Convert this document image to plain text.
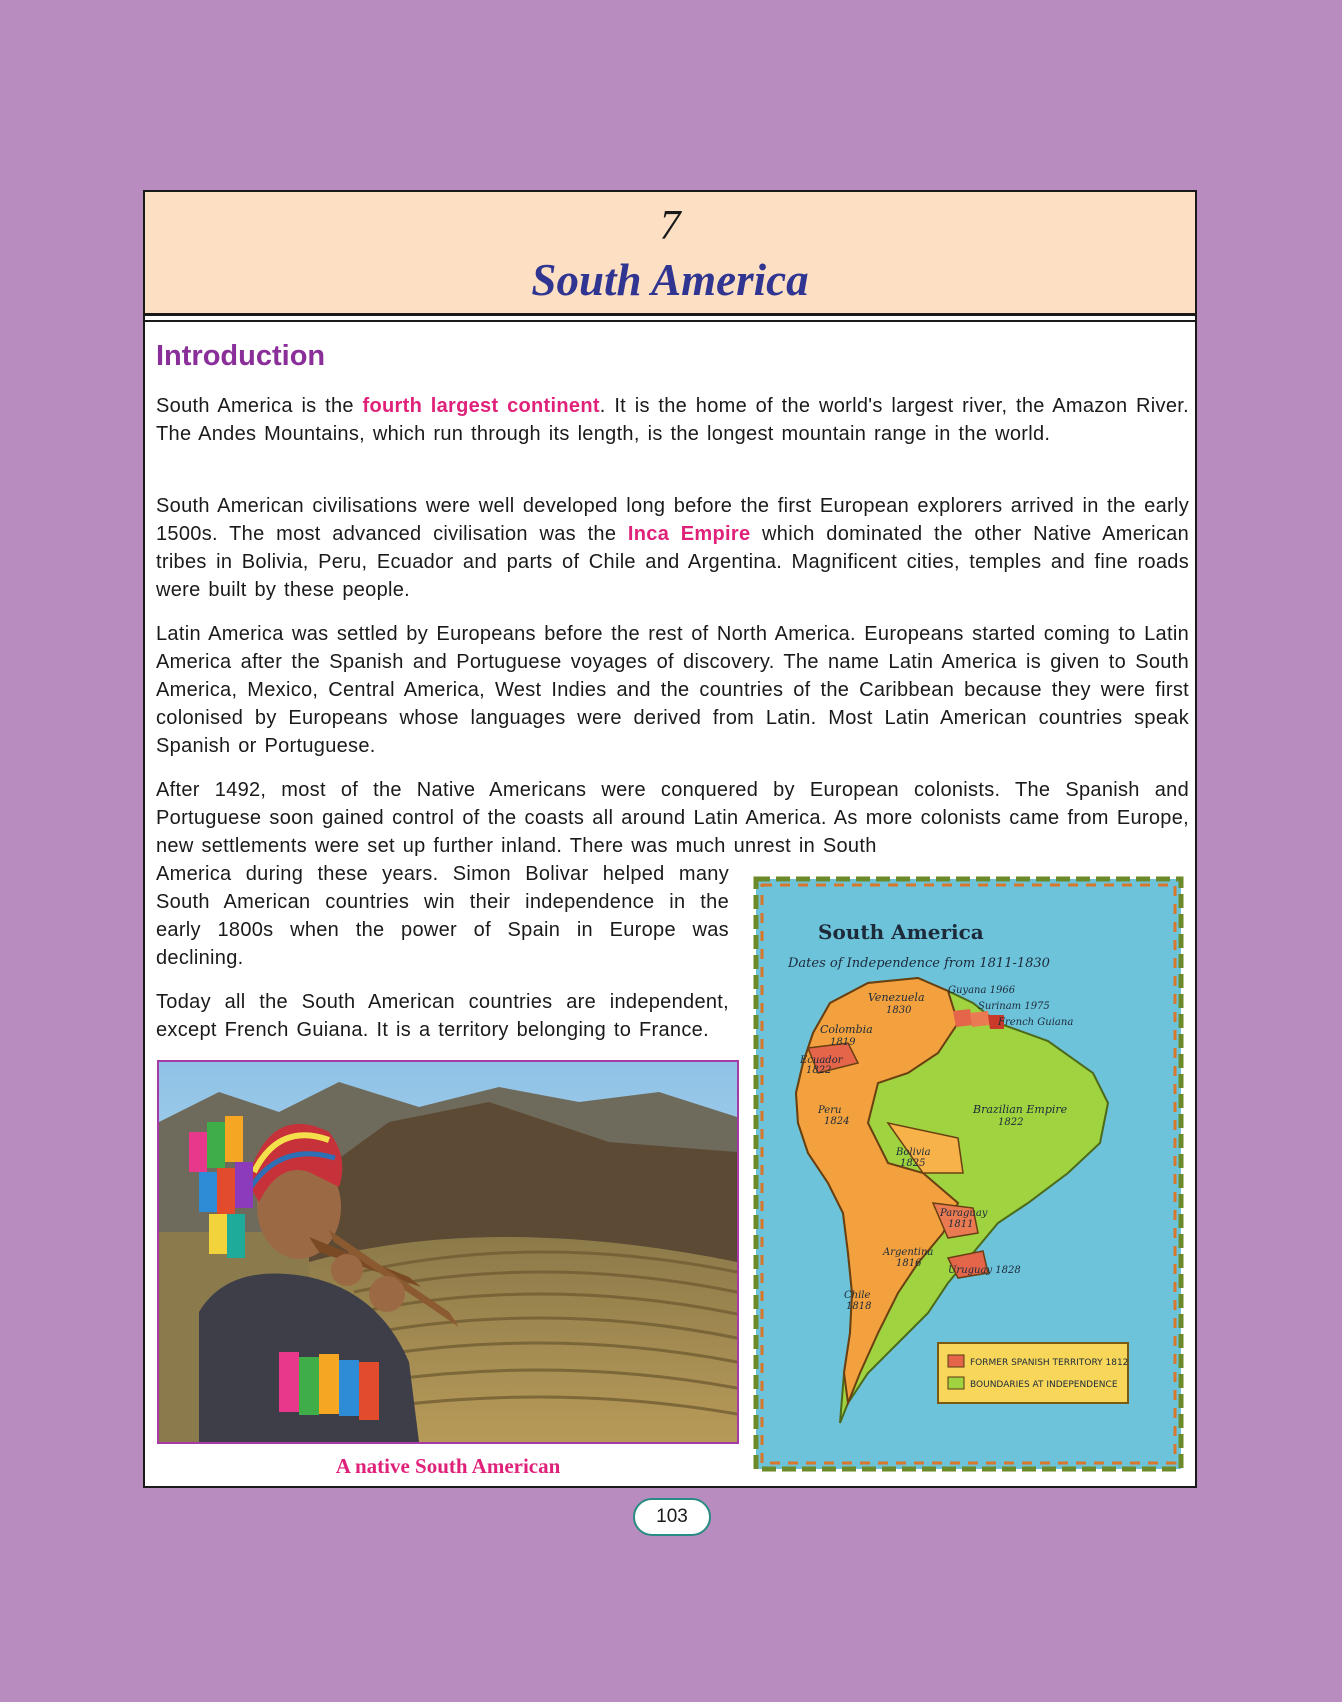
7
South America
Introduction

South America is the fourth largest continent. It is the home of the world's largest river, the Amazon River. The Andes Mountains, which run through its length, is the longest mountain range in the world.

South American civilisations were well developed long before the first European explorers arrived in the early 1500s. The most advanced civilisation was the Inca Empire which dominated the other Native American tribes in Bolivia, Peru, Ecuador and parts of Chile and Argentina. Magnificent cities, temples and fine roads were built by these people.

Latin America was settled by Europeans before the rest of North America. Europeans started coming to Latin America after the Spanish and Portuguese voyages of discovery. The name Latin America is given to South America, Mexico, Central America, West Indies and the countries of the Caribbean because they were first colonised by Europeans whose languages were derived from Latin. Most Latin American countries speak Spanish or Portuguese.

After 1492, most of the Native Americans were conquered by European colonists. The Spanish and Portuguese soon gained control of the coasts all around Latin America. As more colonists came from Europe, new settlements were set up further inland. There was much unrest in South

America during these years. Simon Bolivar helped many South American countries win their independence in the early 1800s when the power of Spain in Europe was declining.

Today all the South American countries are independent, except French Guiana. It is a territory belonging to France.

A native South American
South America
Dates of Independence from 1811-1830
Venezuela
1830
Colombia
1819
Guyana 1966
Surinam 1975
French Guiana
Ecuador
1822
Peru
1824
Brazilian Empire
1822
Bolivia
1825
Paraguay
1811
Argentina
1816
Uruguay 1828
Chile
1818
FORMER SPANISH TERRITORY 1812
BOUNDARIES AT INDEPENDENCE
103
